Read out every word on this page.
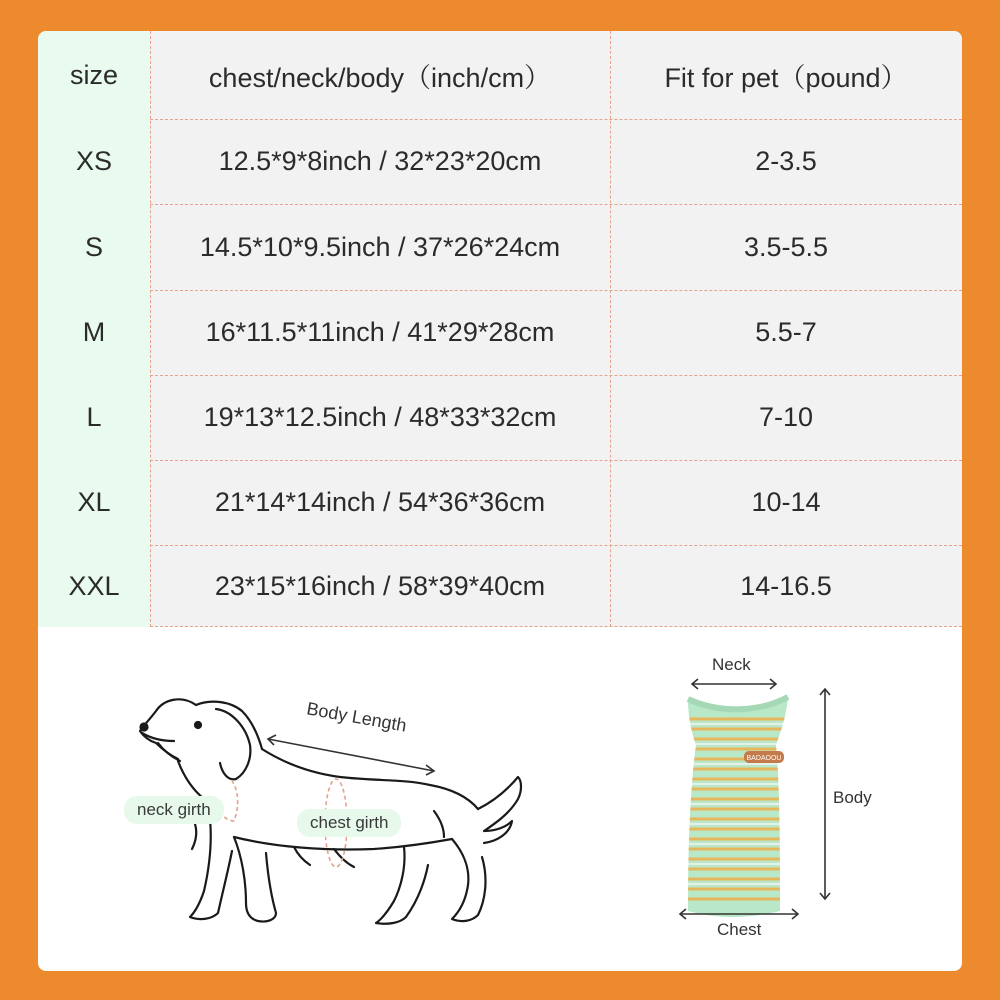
size	chest/neck/body（inch/cm）	Fit for pet（pound）
XS	12.5*9*8inch / 32*23*20cm	2-3.5
S	14.5*10*9.5inch / 37*26*24cm	3.5-5.5
M	16*11.5*11inch / 41*29*28cm	5.5-7
L	19*13*12.5inch / 48*33*32cm	7-10
XL	21*14*14inch / 54*36*36cm	10-14
XXL	23*15*16inch / 58*39*40cm	14-16.5
Body Length
neck girth
chest girth
BADAOOU
Neck
Body
Chest
